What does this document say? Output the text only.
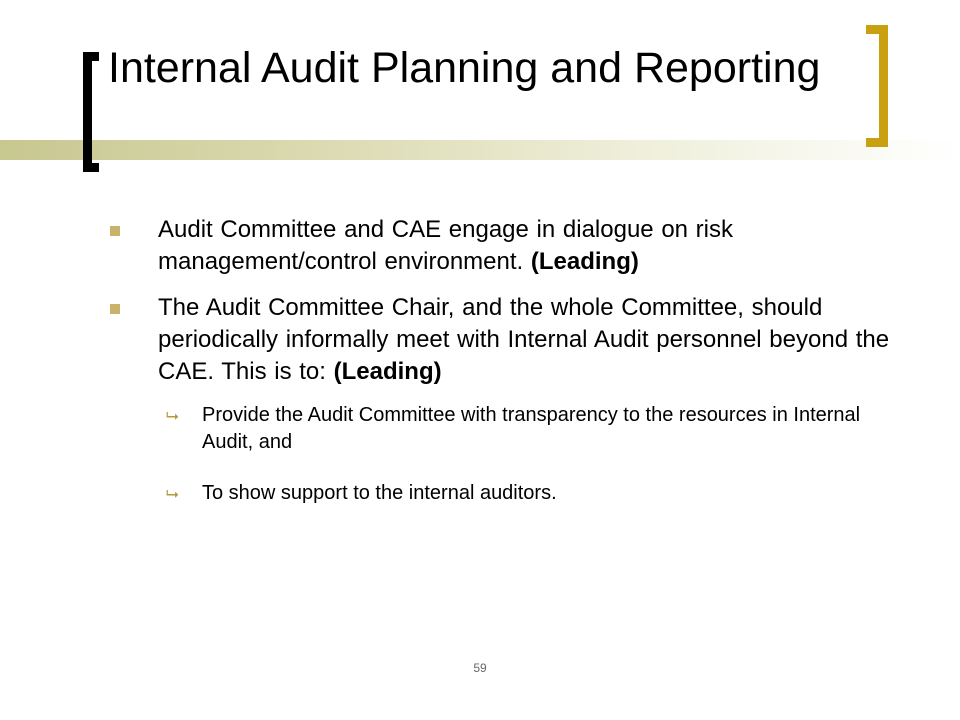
Internal Audit Planning and Reporting
Audit Committee and CAE engage in dialogue on risk management/control environment. (Leading)
The Audit Committee Chair, and the whole Committee, should periodically informally meet with Internal Audit personnel beyond the CAE. This is to: (Leading)
⮡ Provide the Audit Committee with transparency to the resources in Internal Audit, and
⮡ To show support to the internal auditors.
59
